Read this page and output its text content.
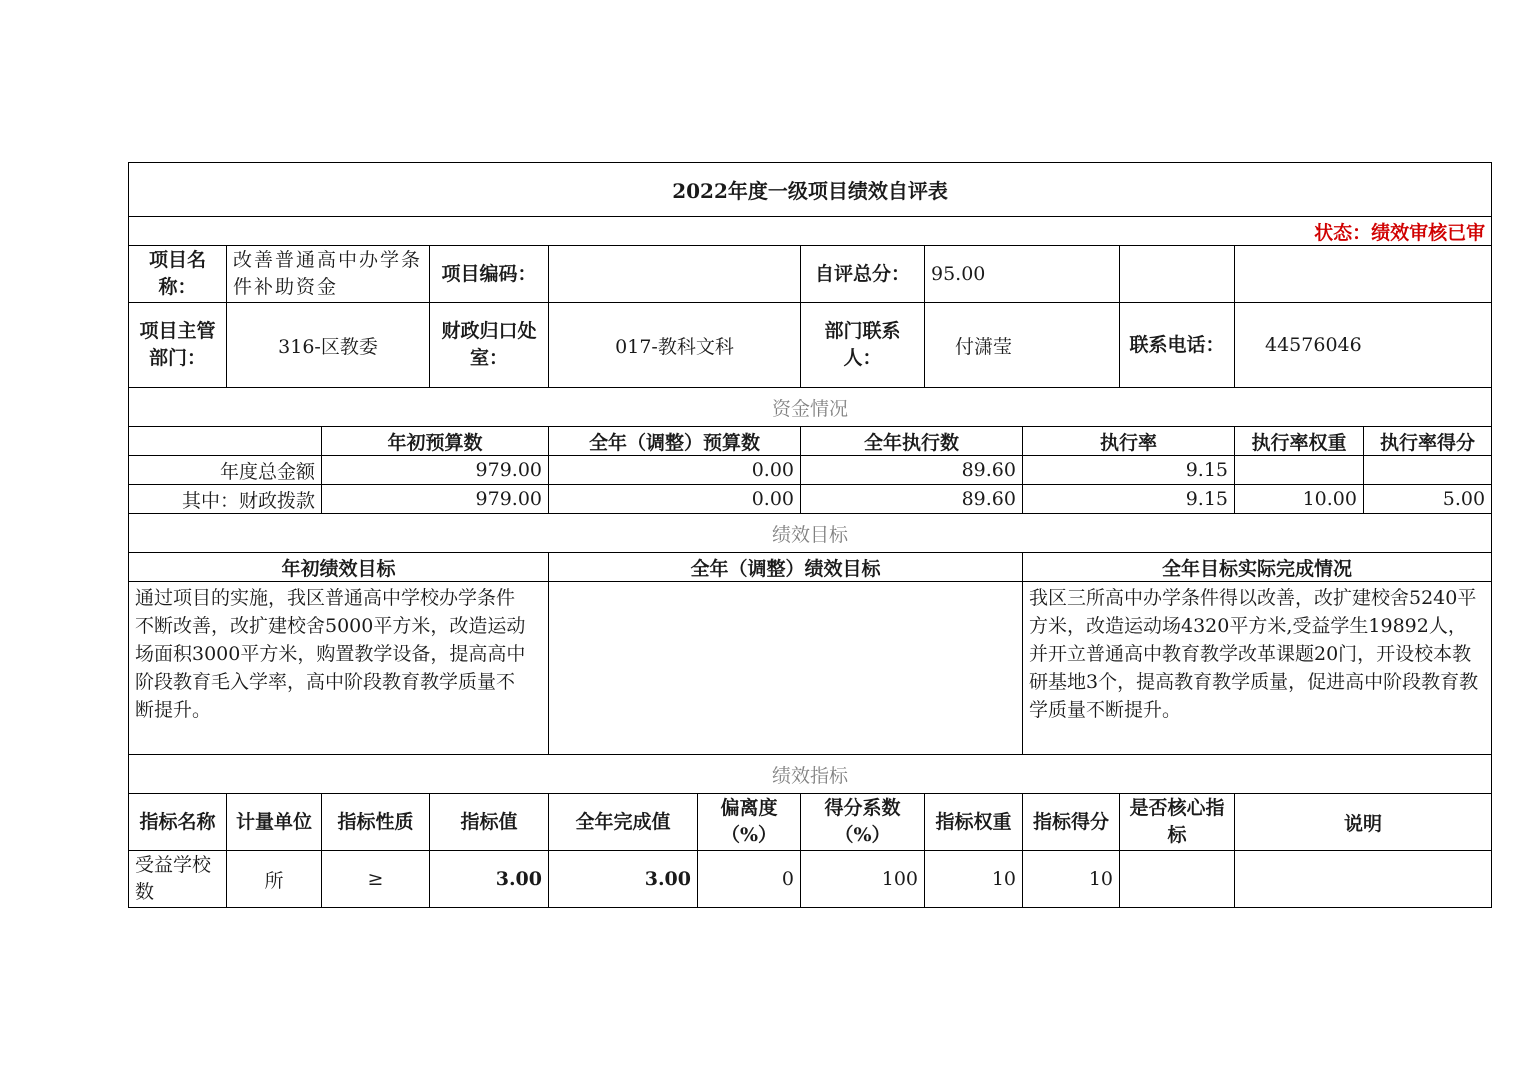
2022年度一级项目绩效自评表											
状态：绩效审核已审											
项目名称：	改善普通高中办学条件补助资金		项目编码：			自评总分：	95.00				
项目主管部门：	316-区教委		财政归口处室：	017-教科文科		部门联系人：	付潇莹		联系电话：	44576046	
资金情况											
		年初预算数		全年（调整）预算数		全年执行数		执行率		执行率权重	执行率得分
年度总金额		979.00		0.00		89.60		9.15			
其中：财政拨款		979.00		0.00		89.60		9.15		10.00	5.00
绩效目标											
年初绩效目标				全年（调整）绩效目标				全年目标实际完成情况			
通过项目的实施，我区普通高中学校办学条件不断改善，改扩建校舍5000平方米，改造运动场面积3000平方米，购置教学设备，提高高中阶段教育毛入学率，高中阶段教育教学质量不断提升。								我区三所高中办学条件得以改善，改扩建校舍5240平方米，改造运动场4320平方米,受益学生19892人，并开立普通高中教育教学改革课题20门，开设校本教研基地3个，提高教育教学质量，促进高中阶段教育教学质量不断提升。			
绩效指标											
指标名称	计量单位	指标性质	指标值	全年完成值	偏离度（%）	得分系数（%）	指标权重	指标得分	是否核心指标	说明	
受益学校数	所	≥	3.00	3.00	0	100	10	10			
